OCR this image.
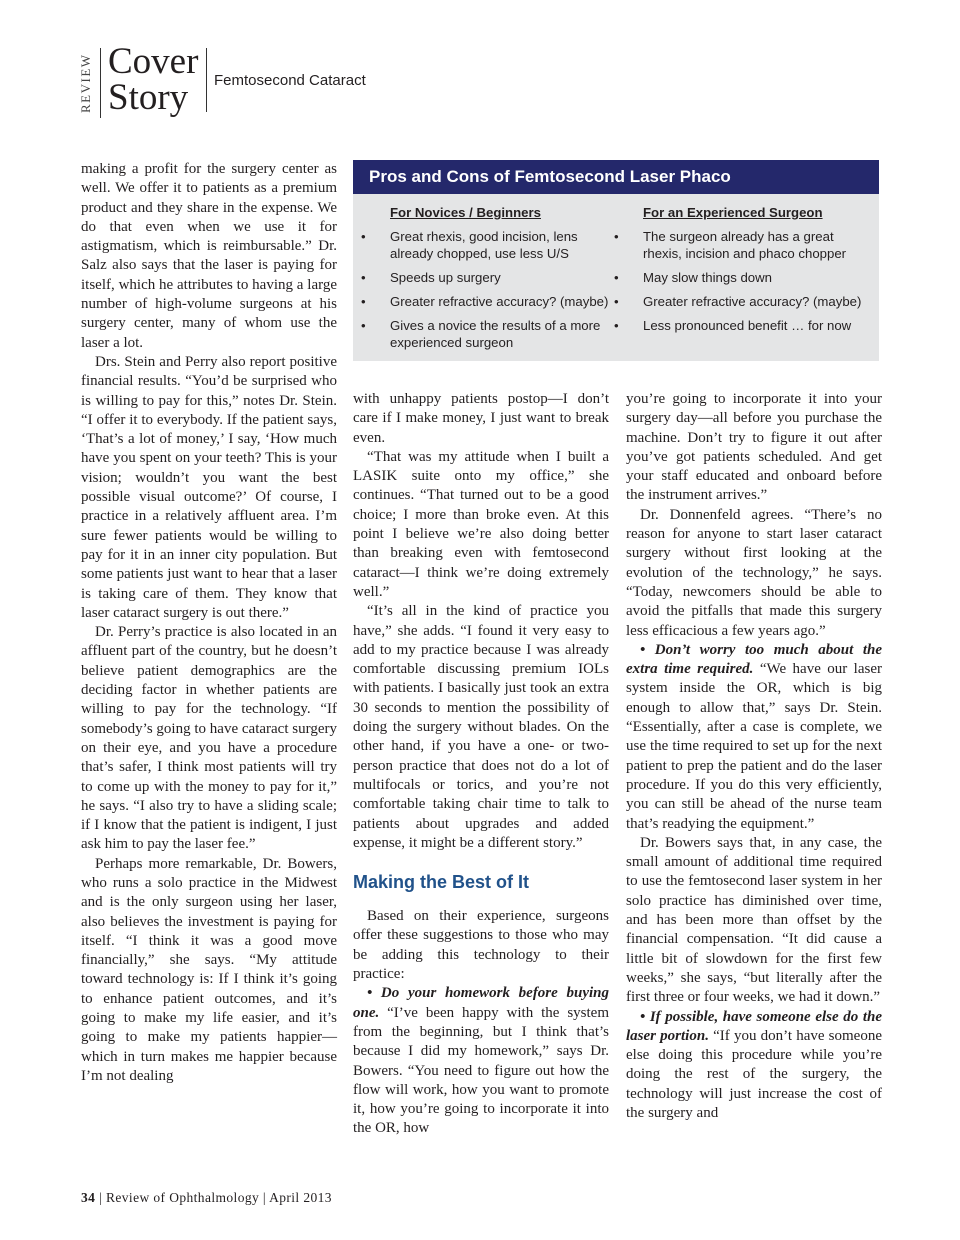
REVIEW Cover
Story Femtosecond Cataract

making a profit for the surgery center as well. We offer it to patients as a premium product and they share in the expense. We do that even when we use it for astigmatism, which is reimbursable.” Dr. Salz also says that the laser is paying for itself, which he attributes to having a large number of high-volume surgeons at his surgery center, many of whom use the laser a lot.

Drs. Stein and Perry also report positive financial results. “You’d be surprised who is willing to pay for this,” notes Dr. Stein. “I offer it to everybody. If the patient says, ‘That’s a lot of money,’ I say, ‘How much have you spent on your teeth? This is your vision; wouldn’t you want the best possible visual outcome?’ Of course, I practice in a relatively affluent area. I’m sure fewer patients would be willing to pay for it in an inner city population. But some patients just want to hear that a laser is taking care of them. They know that laser cataract surgery is out there.”

Dr. Perry’s practice is also located in an affluent part of the country, but he doesn’t believe patient demographics are the deciding factor in whether patients are willing to pay for the technology. “If somebody’s going to have cataract surgery on their eye, and you have a procedure that’s safer, I think most patients will try to come up with the money to pay for it,” he says. “I also try to have a sliding scale; if I know that the patient is indigent, I just ask him to pay the laser fee.”

Perhaps more remarkable, Dr. Bowers, who runs a solo practice in the Midwest and is the only surgeon using her laser, also believes the investment is paying for itself. “I think it was a good move financially,” she says. “My attitude toward technology is: If I think it’s going to enhance patient outcomes, and it’s going to make my life easier, and it’s going to make my patients happier—which in turn makes me happier because I’m not dealing

Pros and Cons of Femtosecond Laser Phaco
For Novices / Beginners
• Great rhexis, good incision, lens already chopped, use less U/S
• Speeds up surgery
• Greater refractive accuracy? (maybe)
• Gives a novice the results of a more experienced surgeon
For an Experienced Surgeon
• The surgeon already has a great rhexis, incision and phaco chopper
• May slow things down
• Greater refractive accuracy? (maybe)
• Less pronounced benefit … for now

with unhappy patients postop—I don’t care if I make money, I just want to break even.

“That was my attitude when I built a LASIK suite onto my office,” she continues. “That turned out to be a good choice; I more than broke even. At this point I believe we’re also doing better than breaking even with femtosecond cataract—I think we’re doing extremely well.”

“It’s all in the kind of practice you have,” she adds. “I found it very easy to add to my practice because I was already comfortable discussing premium IOLs with patients. I basically just took an extra 30 seconds to mention the possibility of doing the surgery without blades. On the other hand, if you have a one- or two-person practice that does not do a lot of multifocals or torics, and you’re not comfortable taking chair time to talk to patients about upgrades and added expense, it might be a different story.”

Making the Best of It

Based on their experience, surgeons offer these suggestions to those who may be adding this technology to their practice:

• Do your homework before buying one. “I’ve been happy with the system from the beginning, but I think that’s because I did my homework,” says Dr. Bowers. “You need to figure out how the flow will work, how you want to promote it, how you’re going to incorporate it into the OR, how

you’re going to incorporate it into your surgery day—all before you purchase the machine. Don’t try to figure it out after you’ve got patients scheduled. And get your staff educated and onboard before the instrument arrives.”

Dr. Donnenfeld agrees. “There’s no reason for anyone to start laser cataract surgery without first looking at the evolution of the technology,” he says. “Today, newcomers should be able to avoid the pitfalls that made this surgery less efficacious a few years ago.”

• Don’t worry too much about the extra time required. “We have our laser system inside the OR, which is big enough to allow that,” says Dr. Stein. “Essentially, after a case is complete, we use the time required to set up for the next patient to prep the patient and do the laser procedure. If you do this very efficiently, you can still be ahead of the nurse team that’s readying the equipment.”

Dr. Bowers says that, in any case, the small amount of additional time required to use the femtosecond laser system in her solo practice has diminished over time, and has been more than offset by the financial compensation. “It did cause a little bit of slowdown for the first few weeks,” she says, “but literally after the first three or four weeks, we had it down.”

• If possible, have someone else do the laser portion. “If you don’t have someone else doing this procedure while you’re doing the rest of the surgery, the technology will just increase the cost of the surgery and

34 | Review of Ophthalmology | April 2013
